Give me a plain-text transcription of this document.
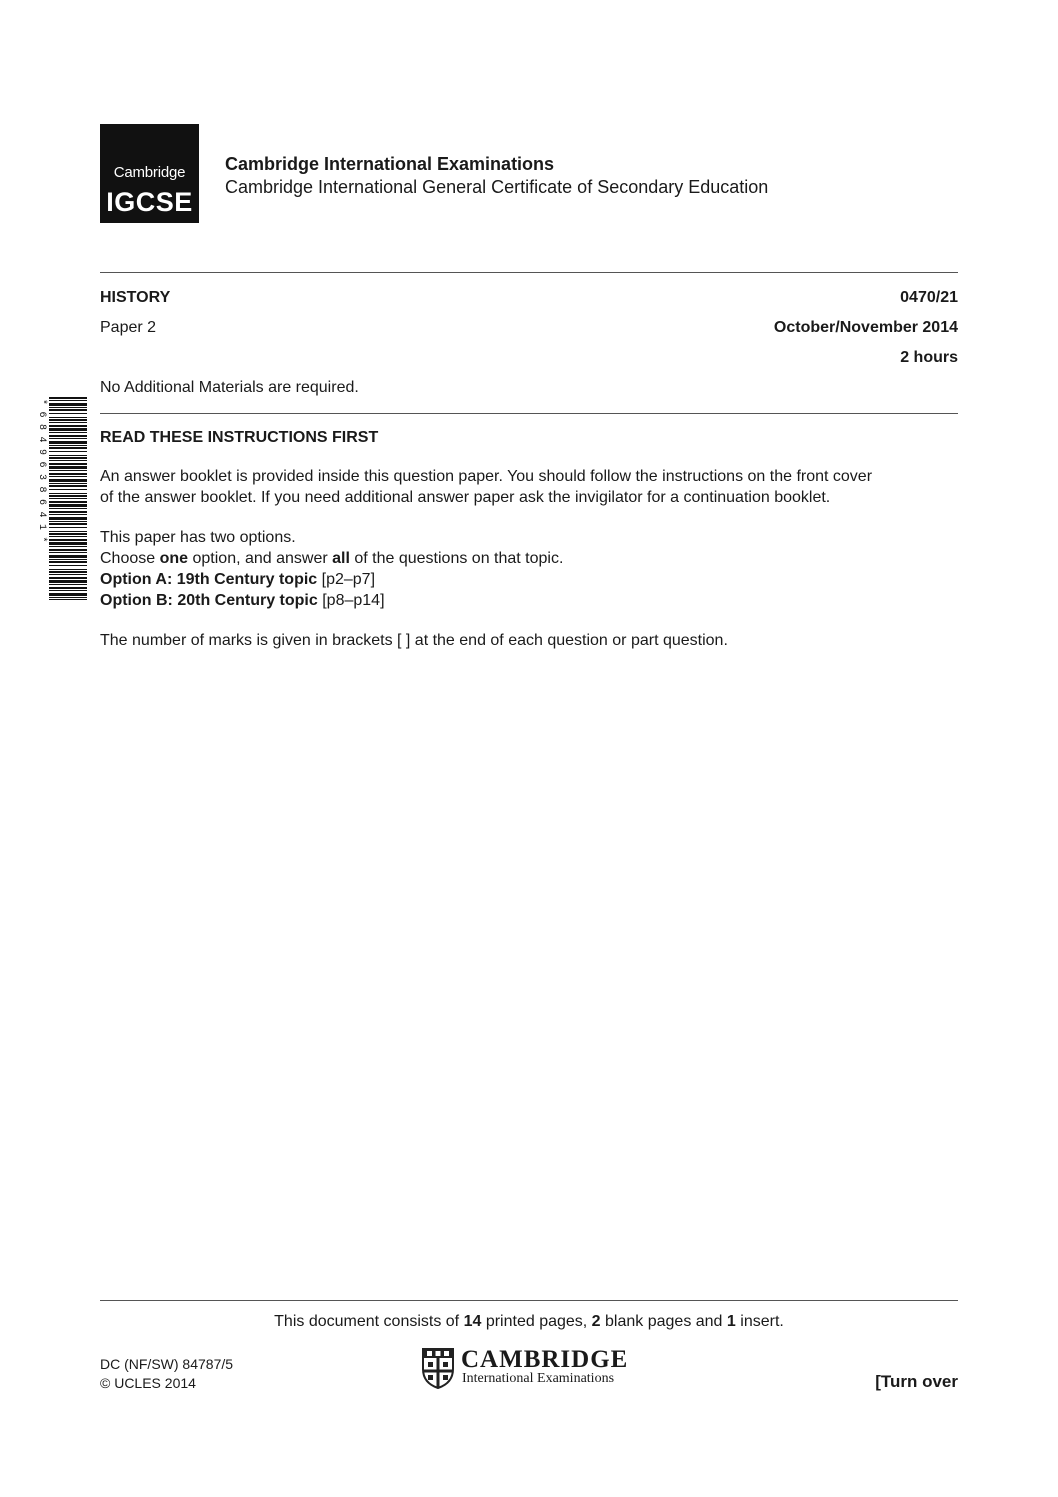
Cambridge
IGCSE
Cambridge International Examinations
Cambridge International General Certificate of Secondary Education
HISTORY	0470/21
Paper 2	October/November 2014
2 hours
No Additional Materials are required.
*6849638641*	READ THESE INSTRUCTIONS FIRST
An answer booklet is provided inside this question paper. You should follow the instructions on the front cover
of the answer booklet. If you need additional answer paper ask the invigilator for a continuation booklet.
This paper has two options.
Choose one option, and answer all of the questions on that topic.
Option A: 19th Century topic [p2–p7]
Option B: 20th Century topic [p8–p14]
The number of marks is given in brackets [ ] at the end of each question or part question.
This document consists of 14 printed pages, 2 blank pages and 1 insert.
DC (NF/SW) 84787/5
© UCLES 2014
CAMBRIDGE
International Examinations	[Turn over
